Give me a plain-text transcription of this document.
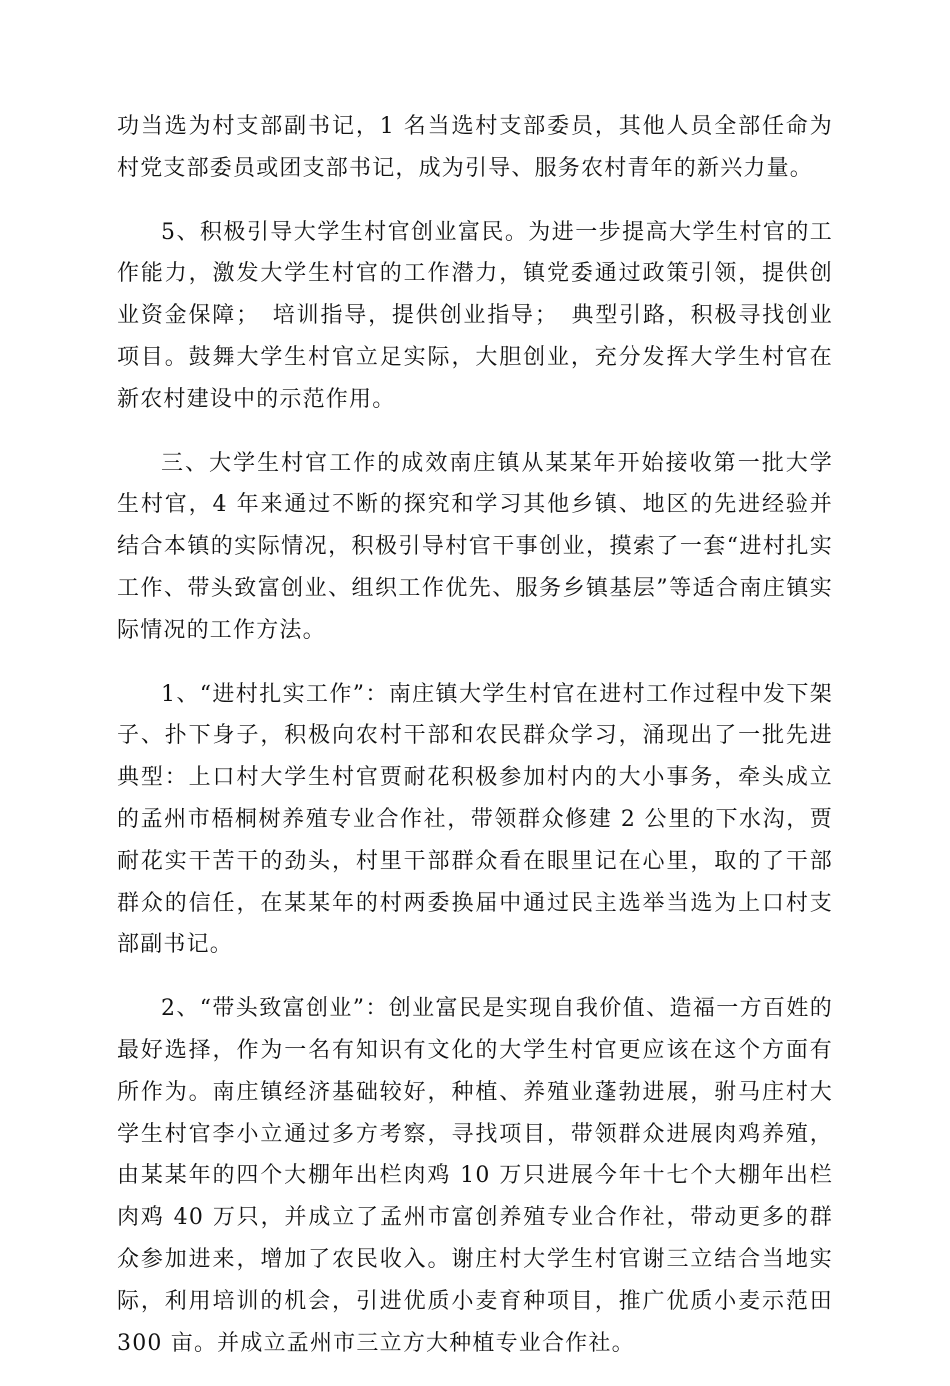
功当选为村支部副书记，1 名当选村支部委员，其他人员全部任命为村党支部委员或团支部书记，成为引导、服务农村青年的新兴力量。

5、积极引导大学生村官创业富民。为进一步提高大学生村官的工作能力，激发大学生村官的工作潜力，镇党委通过政策引领，提供创业资金保障；　培训指导，提供创业指导；　典型引路，积极寻找创业项目。鼓舞大学生村官立足实际，大胆创业，充分发挥大学生村官在新农村建设中的示范作用。

三、大学生村官工作的成效南庄镇从某某年开始接收第一批大学生村官，4 年来通过不断的探究和学习其他乡镇、地区的先进经验并结合本镇的实际情况，积极引导村官干事创业，摸索了一套“进村扎实工作、带头致富创业、组织工作优先、服务乡镇基层”等适合南庄镇实际情况的工作方法。

1、“进村扎实工作”：南庄镇大学生村官在进村工作过程中发下架子、扑下身子，积极向农村干部和农民群众学习，涌现出了一批先进典型：上口村大学生村官贾耐花积极参加村内的大小事务，牵头成立的孟州市梧桐树养殖专业合作社，带领群众修建 2 公里的下水沟，贾耐花实干苦干的劲头，村里干部群众看在眼里记在心里，取的了干部群众的信任，在某某年的村两委换届中通过民主选举当选为上口村支部副书记。

2、“带头致富创业”：创业富民是实现自我价值、造福一方百姓的最好选择，作为一名有知识有文化的大学生村官更应该在这个方面有所作为。南庄镇经济基础较好，种植、养殖业蓬勃进展，驸马庄村大学生村官李小立通过多方考察，寻找项目，带领群众进展肉鸡养殖，由某某年的四个大棚年出栏肉鸡 10 万只进展今年十七个大棚年出栏肉鸡 40 万只，并成立了孟州市富创养殖专业合作社，带动更多的群众参加进来，增加了农民收入。谢庄村大学生村官谢三立结合当地实际，利用培训的机会，引进优质小麦育种项目，推广优质小麦示范田 300 亩。并成立孟州市三立方大种植专业合作社。
